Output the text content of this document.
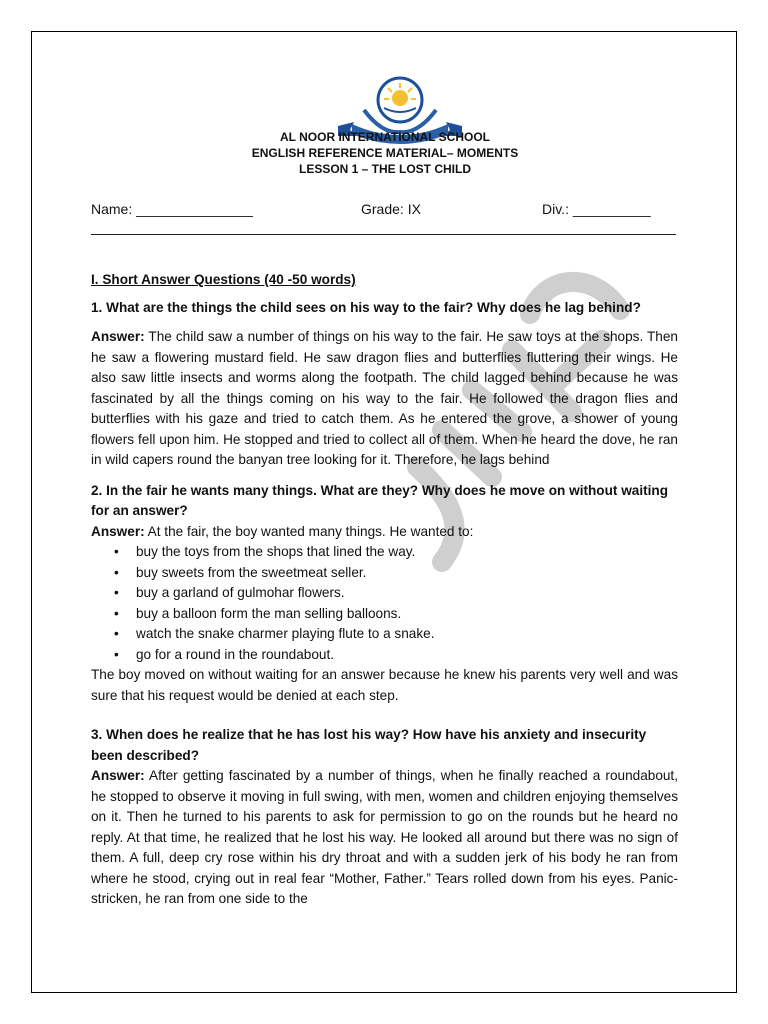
AL NOOR INTERNATIONAL SCHOOL
ENGLISH REFERENCE MATERIAL– MOMENTS
LESSON 1 – THE LOST CHILD
Name: _______________	Grade: IX	Div.: __________

I. Short Answer Questions (40 -50 words)

1. What are the things the child sees on his way to the fair? Why does he lag behind?

Answer: The child saw a number of things on his way to the fair. He saw toys at the shops. Then he saw a flowering mustard field. He saw dragon flies and butterflies fluttering their wings. He also saw little insects and worms along the footpath. The child lagged behind because he was fascinated by all the things coming on his way to the fair. He followed the dragon flies and butterflies with his gaze and tried to catch them. As he entered the grove, a shower of young flowers fell upon him. He stopped and tried to collect all of them. When he heard the dove, he ran in wild capers round the banyan tree looking for it. Therefore, he lags behind

2. In the fair he wants many things. What are they? Why does he move on without waiting for an answer?

Answer: At the fair, the boy wanted many things. He wanted to:

• buy the toys from the shops that lined the way.
• buy sweets from the sweetmeat seller.
• buy a garland of gulmohar flowers.
• buy a balloon form the man selling balloons.
• watch the snake charmer playing flute to a snake.
• go for a round in the roundabout.

The boy moved on without waiting for an answer because he knew his parents very well and was sure that his request would be denied at each step.

3. When does he realize that he has lost his way? How have his anxiety and insecurity been described?

Answer: After getting fascinated by a number of things, when he finally reached a roundabout, he stopped to observe it moving in full swing, with men, women and children enjoying themselves on it. Then he turned to his parents to ask for permission to go on the rounds but he heard no reply. At that time, he realized that he lost his way. He looked all around but there was no sign of them. A full, deep cry rose within his dry throat and with a sudden jerk of his body he ran from where he stood, crying out in real fear “Mother, Father.” Tears rolled down from his eyes. Panic-stricken, he ran from one side to the
